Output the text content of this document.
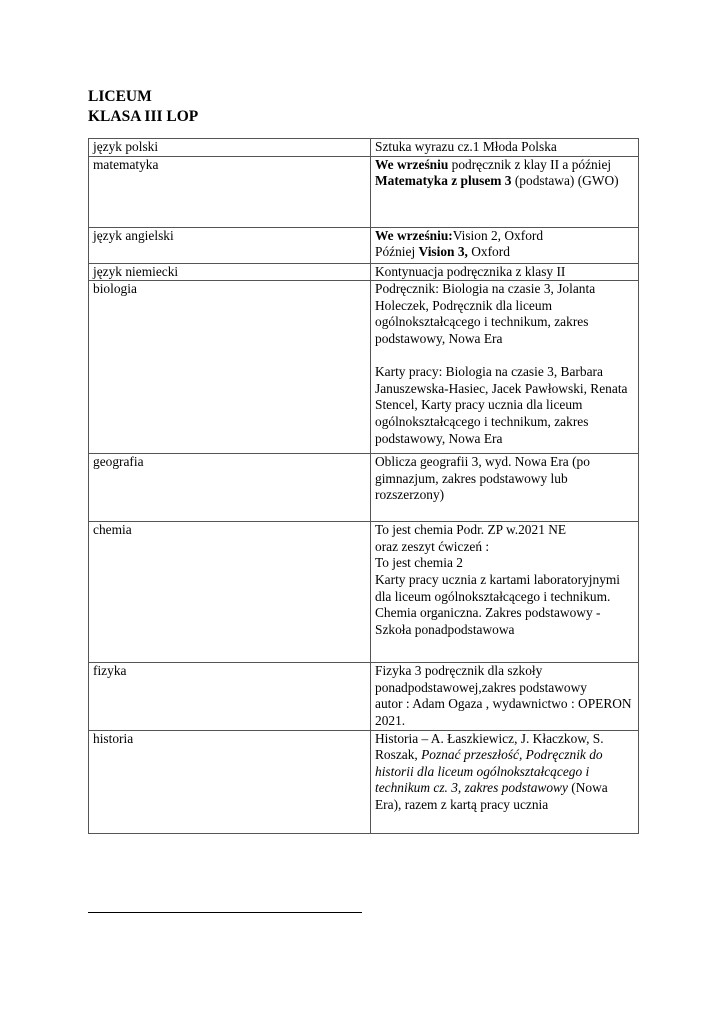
LICEUM
KLASA III LOP
język polski	Sztuka wyrazu cz.1 Młoda Polska
matematyka	We wrześniu podręcznik z klay II a później Matematyka z plusem 3 (podstawa) (GWO)
język angielski	We wrześniu:Vision 2, Oxford
Później Vision 3, Oxford
język niemiecki	Kontynuacja podręcznika z klasy II
biologia	Podręcznik: Biologia na czasie 3, Jolanta Holeczek, Podręcznik dla liceum ogólnokształcącego i technikum, zakres podstawowy, Nowa Era

Karty pracy: Biologia na czasie 3, Barbara Januszewska-Hasiec, Jacek Pawłowski, Renata Stencel, Karty pracy ucznia dla liceum ogólnokształcącego i technikum, zakres podstawowy, Nowa Era
geografia	Oblicza geografii 3, wyd. Nowa Era (po gimnazjum, zakres podstawowy lub rozszerzony)
chemia	To jest chemia Podr. ZP w.2021 NE
oraz zeszyt ćwiczeń :
To jest chemia 2
Karty pracy ucznia z kartami laboratoryjnymi dla liceum ogólnokształcącego i technikum. Chemia organiczna. Zakres podstawowy - Szkoła ponadpodstawowa
fizyka	Fizyka 3 podręcznik dla szkoły ponadpodstawowej,zakres podstawowy
autor : Adam Ogaza , wydawnictwo : OPERON 2021.
historia	Historia – A. Łaszkiewicz, J. Kłaczkow, S. Roszak, Poznać przeszłość, Podręcznik do historii dla liceum ogólnokształcącego i technikum cz. 3, zakres podstawowy (Nowa Era), razem z kartą pracy ucznia
